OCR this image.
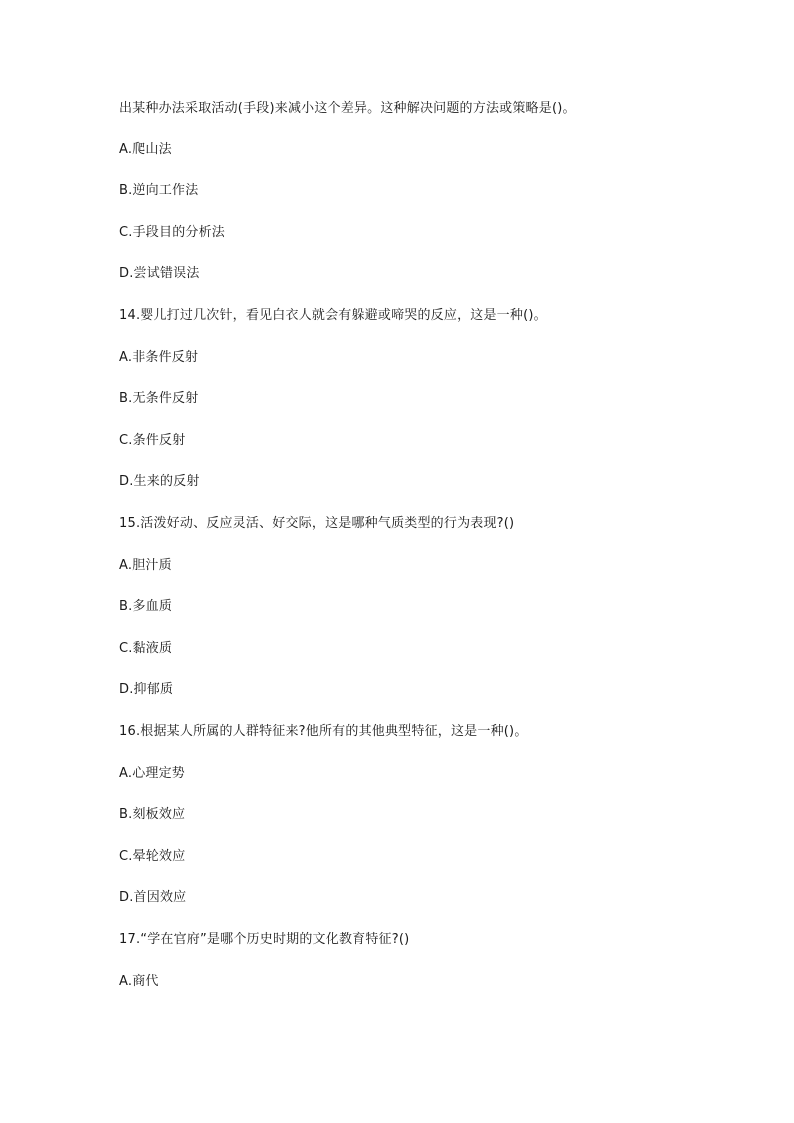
出某种办法采取活动(手段)来减小这个差异。这种解决问题的方法或策略是()。
A.爬山法
B.逆向工作法
C.手段目的分析法
D.尝试错误法
14.婴儿打过几次针，看见白衣人就会有躲避或啼哭的反应，这是一种()。
A.非条件反射
B.无条件反射
C.条件反射
D.生来的反射
15.活泼好动、反应灵活、好交际，这是哪种气质类型的行为表现?()
A.胆汁质
B.多血质
C.黏液质
D.抑郁质
16.根据某人所属的人群特征来?他所有的其他典型特征，这是一种()。
A.心理定势
B.刻板效应
C.晕轮效应
D.首因效应
17.“学在官府”是哪个历史时期的文化教育特征?()
A.商代
